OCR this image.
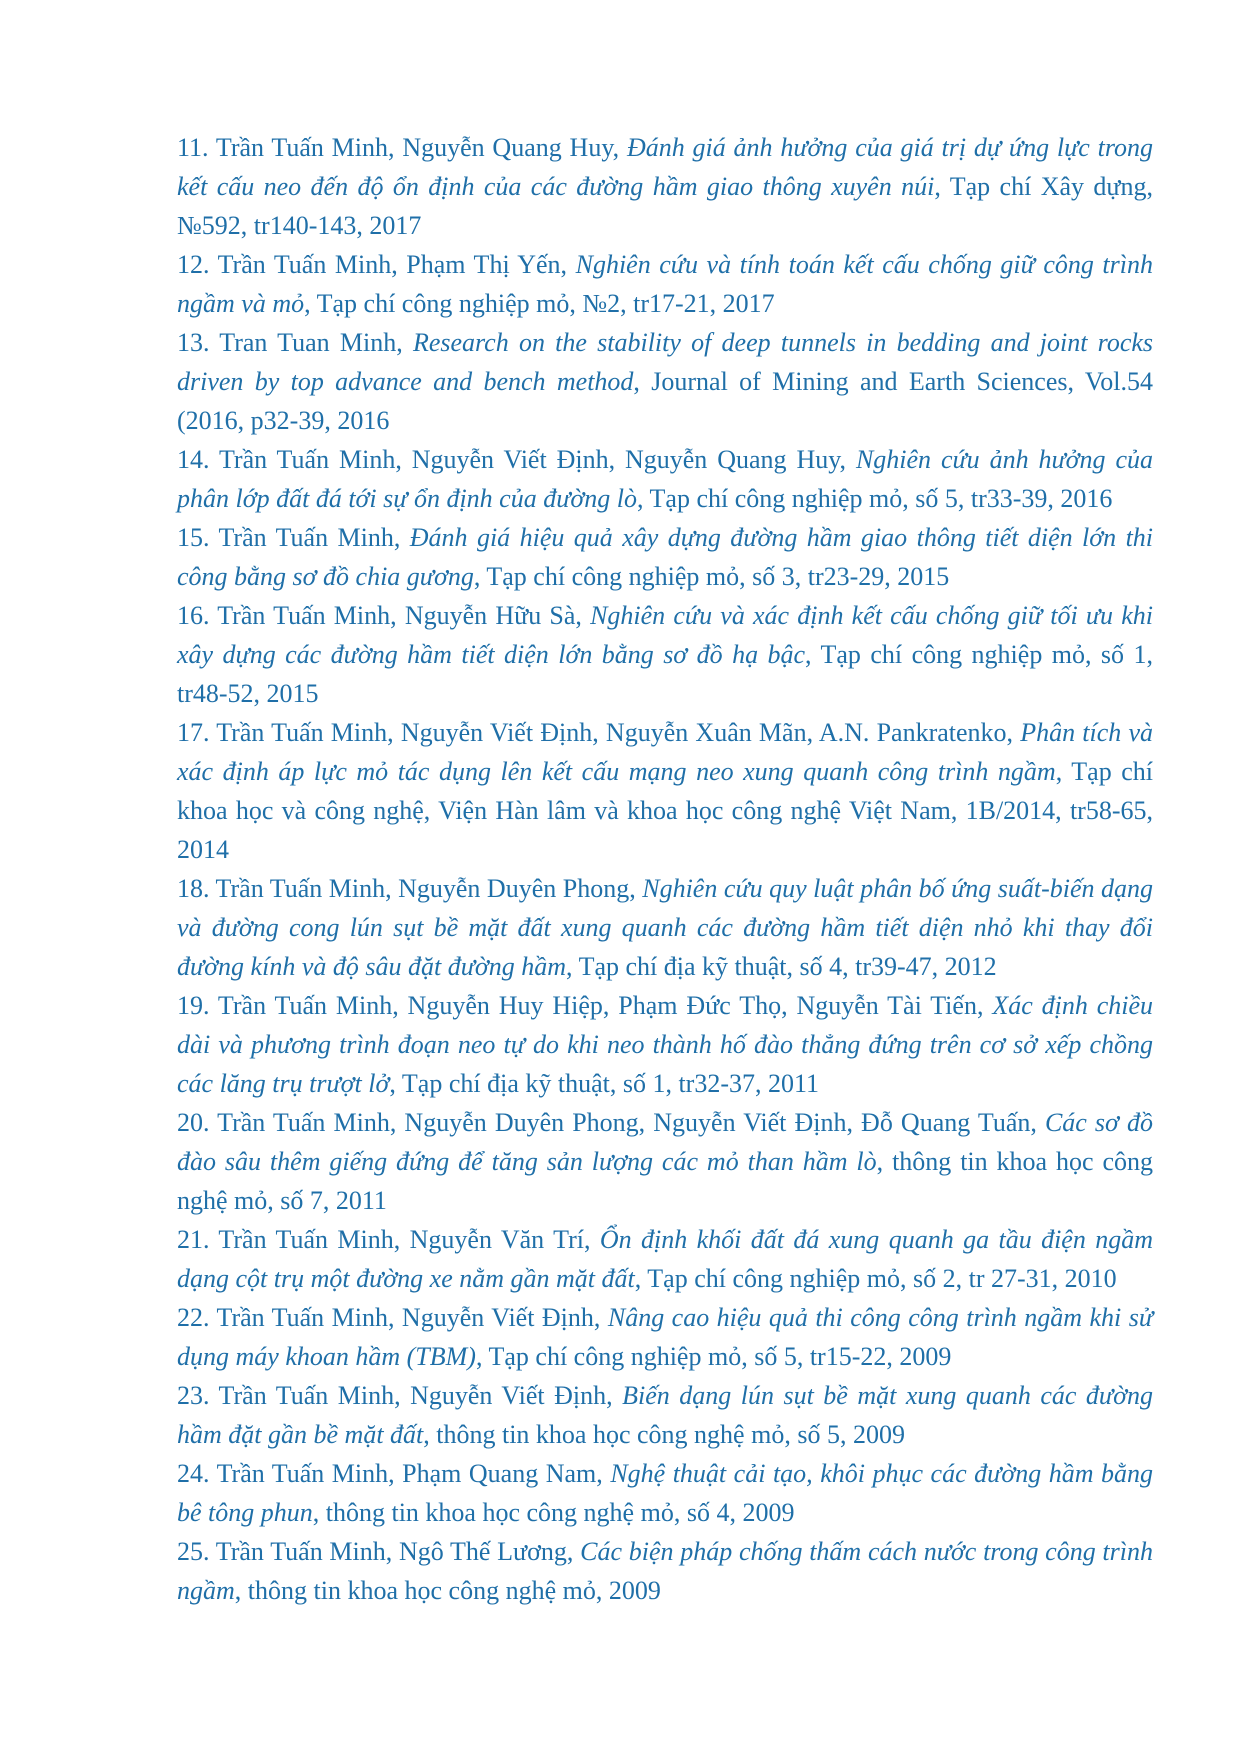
11. Trần Tuấn Minh, Nguyễn Quang Huy, Đánh giá ảnh hưởng của giá trị dự ứng lực trong kết cấu neo đến độ ổn định của các đường hầm giao thông xuyên núi, Tạp chí Xây dựng, №592, tr140-143, 2017

12. Trần Tuấn Minh, Phạm Thị Yến, Nghiên cứu và tính toán kết cấu chống giữ công trình ngầm và mỏ, Tạp chí công nghiệp mỏ, №2, tr17-21, 2017

13. Tran Tuan Minh, Research on the stability of deep tunnels in bedding and joint rocks driven by top advance and bench method, Journal of Mining and Earth Sciences, Vol.54 (2016, p32-39, 2016

14. Trần Tuấn Minh, Nguyễn Viết Định, Nguyễn Quang Huy, Nghiên cứu ảnh hưởng của phân lớp đất đá tới sự ổn định của đường lò, Tạp chí công nghiệp mỏ, số 5, tr33-39, 2016

15. Trần Tuấn Minh, Đánh giá hiệu quả xây dựng đường hầm giao thông tiết diện lớn thi công bằng sơ đồ chia gương, Tạp chí công nghiệp mỏ, số 3, tr23-29, 2015

16. Trần Tuấn Minh, Nguyễn Hữu Sà, Nghiên cứu và xác định kết cấu chống giữ tối ưu khi xây dựng các đường hầm tiết diện lớn bằng sơ đồ hạ bậc, Tạp chí công nghiệp mỏ, số 1, tr48-52, 2015

17. Trần Tuấn Minh, Nguyễn Viết Định, Nguyễn Xuân Mãn, A.N. Pankratenko, Phân tích và xác định áp lực mỏ tác dụng lên kết cấu mạng neo xung quanh công trình ngầm, Tạp chí khoa học và công nghệ, Viện Hàn lâm và khoa học công nghệ Việt Nam, 1B/2014, tr58-65, 2014

18. Trần Tuấn Minh, Nguyễn Duyên Phong, Nghiên cứu quy luật phân bố ứng suất-biến dạng và đường cong lún sụt bề mặt đất xung quanh các đường hầm tiết diện nhỏ khi thay đổi đường kính và độ sâu đặt đường hầm, Tạp chí địa kỹ thuật, số 4, tr39-47, 2012

19. Trần Tuấn Minh, Nguyễn Huy Hiệp, Phạm Đức Thọ, Nguyễn Tài Tiến, Xác định chiều dài và phương trình đoạn neo tự do khi neo thành hố đào thẳng đứng trên cơ sở xếp chồng các lăng trụ trượt lở, Tạp chí địa kỹ thuật, số 1, tr32-37, 2011

20. Trần Tuấn Minh, Nguyễn Duyên Phong, Nguyễn Viết Định, Đỗ Quang Tuấn, Các sơ đồ đào sâu thêm giếng đứng để tăng sản lượng các mỏ than hầm lò, thông tin khoa học công nghệ mỏ, số 7, 2011

21. Trần Tuấn Minh, Nguyễn Văn Trí, Ổn định khối đất đá xung quanh ga tầu điện ngầm dạng cột trụ một đường xe nằm gần mặt đất, Tạp chí công nghiệp mỏ, số 2, tr 27-31, 2010

22. Trần Tuấn Minh, Nguyễn Viết Định, Nâng cao hiệu quả thi công công trình ngầm khi sử dụng máy khoan hầm (TBM), Tạp chí công nghiệp mỏ, số 5, tr15-22, 2009

23. Trần Tuấn Minh, Nguyễn Viết Định, Biến dạng lún sụt bề mặt xung quanh các đường hầm đặt gần bề mặt đất, thông tin khoa học công nghệ mỏ, số 5, 2009

24. Trần Tuấn Minh, Phạm Quang Nam, Nghệ thuật cải tạo, khôi phục các đường hầm bằng bê tông phun, thông tin khoa học công nghệ mỏ, số 4, 2009

25. Trần Tuấn Minh, Ngô Thế Lương, Các biện pháp chống thấm cách nước trong công trình ngầm, thông tin khoa học công nghệ mỏ, 2009
